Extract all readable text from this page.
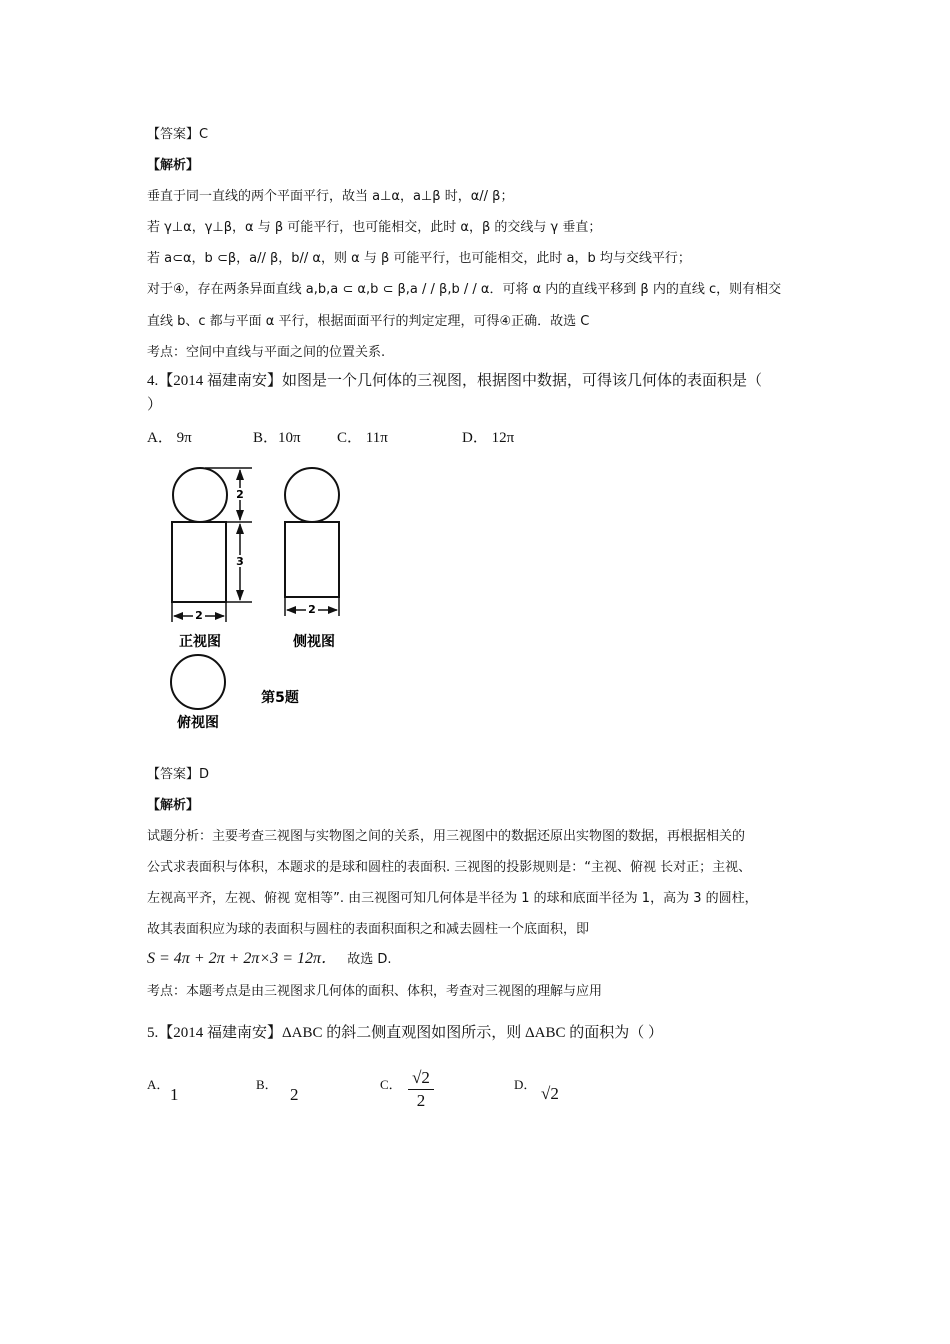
【答案】C
【解析】
垂直于同一直线的两个平面平行，故当 a⊥α，a⊥β 时，α// β；
若 γ⊥α，γ⊥β，α 与 β 可能平行，也可能相交，此时 α，β 的交线与 γ 垂直；
若 a⊂α，b ⊂β，a// β，b// α，则 α 与 β 可能平行，也可能相交，此时 a，b 均与交线平行；
对于④，存在两条异面直线 a,b,a ⊂ α,b ⊂ β,a / / β,b / / α．可将 α 内的直线平移到 β 内的直线 c，则有相交
直线 b、c 都与平面 α 平行，根据面面平行的判定定理，可得④正确．故选 C
考点：空间中直线与平面之间的位置关系.
4.【2014 福建南安】如图是一个几何体的三视图，根据图中数据，可得该几何体的表面积是（
）
A． 9π	B．10π C． 11π	D． 12π
2
3
2
正视图
2
侧视图
俯视图
第5题
【答案】D
【解析】
试题分析：主要考查三视图与实物图之间的关系，用三视图中的数据还原出实物图的数据，再根据相关的
公式求表面积与体积，本题求的是球和圆柱的表面积. 三视图的投影规则是：“主视、俯视 长对正；主视、
左视高平齐，左视、俯视 宽相等”. 由三视图可知几何体是半径为 1 的球和底面半径为 1，高为 3 的圆柱，
故其表面积应为球的表面积与圆柱的表面积面积之和减去圆柱一个底面积，即
S = 4π + 2π + 2π×3 = 12π． 故选 D.
考点：本题考点是由三视图求几何体的面积、体积，考查对三视图的理解与应用
5.【2014 福建南安】ΔABC 的斜二侧直观图如图所示，则 ΔABC 的面积为（ ）
A．
1
B．
2
C． √2
2
D． √2
